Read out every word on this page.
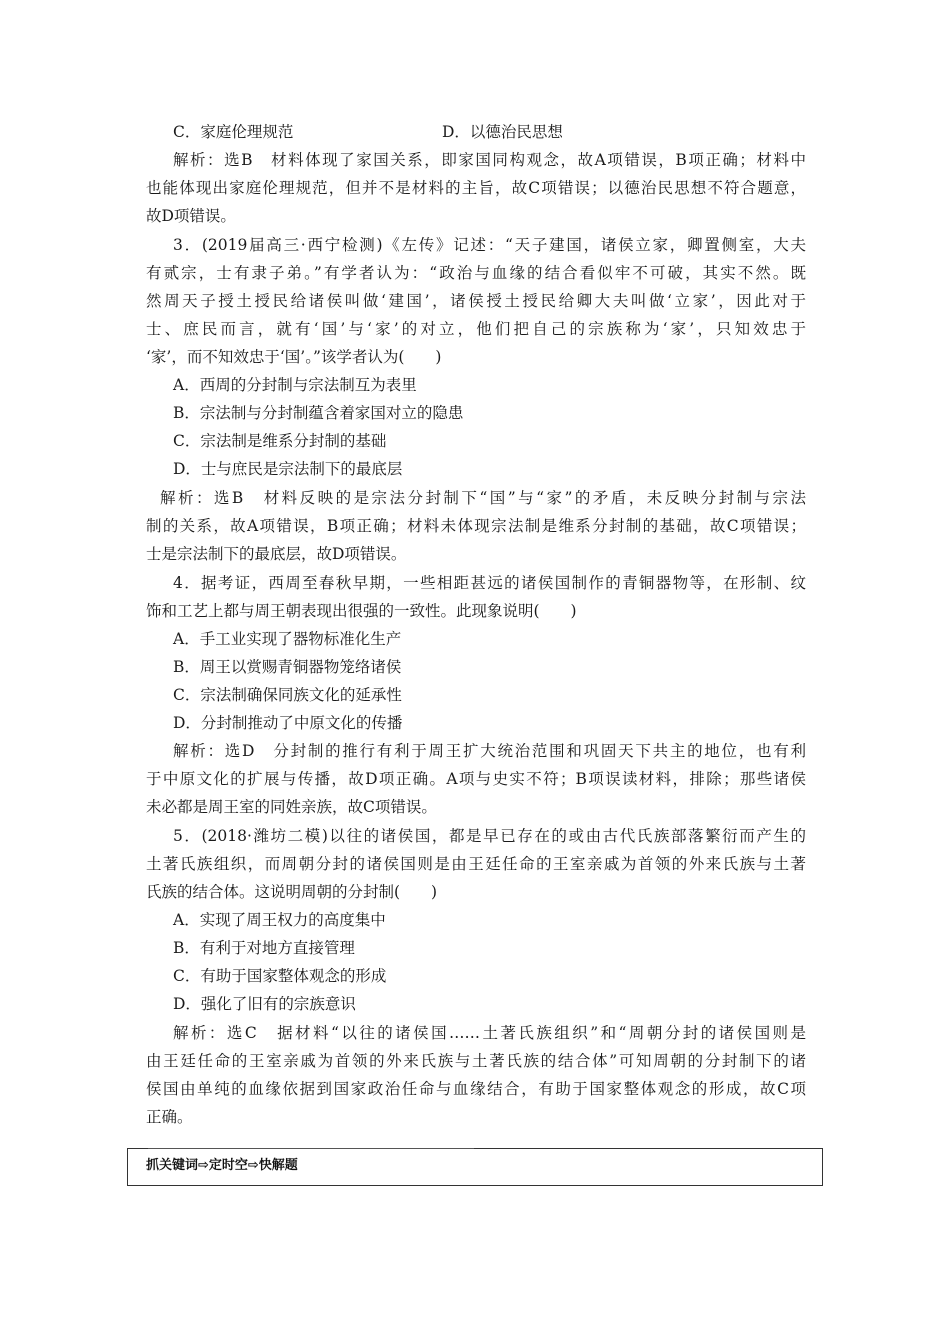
C．家庭伦理规范	D．以德治民思想
解析：选B　材料体现了家国关系，即家国同构观念，故A项错误，B项正确；材料中
也能体现出家庭伦理规范，但并不是材料的主旨，故C项错误；以德治民思想不符合题意，
故D项错误。
3．(2019届高三·西宁检测)《左传》记述：“天子建国，诸侯立家，卿置侧室，大夫
有贰宗，士有隶子弟。”有学者认为：“政治与血缘的结合看似牢不可破，其实不然。既
然周天子授土授民给诸侯叫做‘建国’，诸侯授土授民给卿大夫叫做‘立家’，因此对于
士、庶民而言，就有‘国’与‘家’的对立，他们把自己的宗族称为‘家’，只知效忠于
‘家’，而不知效忠于‘国’。”该学者认为(　　)
A．西周的分封制与宗法制互为表里
B．宗法制与分封制蕴含着家国对立的隐患
C．宗法制是维系分封制的基础
D．士与庶民是宗法制下的最底层
解析：选B　材料反映的是宗法分封制下“国”与“家”的矛盾，未反映分封制与宗法
制的关系，故A项错误，B项正确；材料未体现宗法制是维系分封制的基础，故C项错误；
士是宗法制下的最底层，故D项错误。
4．据考证，西周至春秋早期，一些相距甚远的诸侯国制作的青铜器物等，在形制、纹
饰和工艺上都与周王朝表现出很强的一致性。此现象说明(　　)
A．手工业实现了器物标准化生产
B．周王以赏赐青铜器物笼络诸侯
C．宗法制确保同族文化的延承性
D．分封制推动了中原文化的传播
解析：选D　分封制的推行有利于周王扩大统治范围和巩固天下共主的地位，也有利
于中原文化的扩展与传播，故D项正确。A项与史实不符；B项误读材料，排除；那些诸侯
未必都是周王室的同姓亲族，故C项错误。
5．(2018·潍坊二模)以往的诸侯国，都是早已存在的或由古代氏族部落繁衍而产生的
土著氏族组织，而周朝分封的诸侯国则是由王廷任命的王室亲戚为首领的外来氏族与土著
氏族的结合体。这说明周朝的分封制(　　)
A．实现了周王权力的高度集中
B．有利于对地方直接管理
C．有助于国家整体观念的形成
D．强化了旧有的宗族意识
解析：选C　据材料“以往的诸侯国……土著氏族组织”和“周朝分封的诸侯国则是
由王廷任命的王室亲戚为首领的外来氏族与土著氏族的结合体”可知周朝的分封制下的诸
侯国由单纯的血缘依据到国家政治任命与血缘结合，有助于国家整体观念的形成，故C项
正确。
抓关键词⇨定时空⇨快解题
